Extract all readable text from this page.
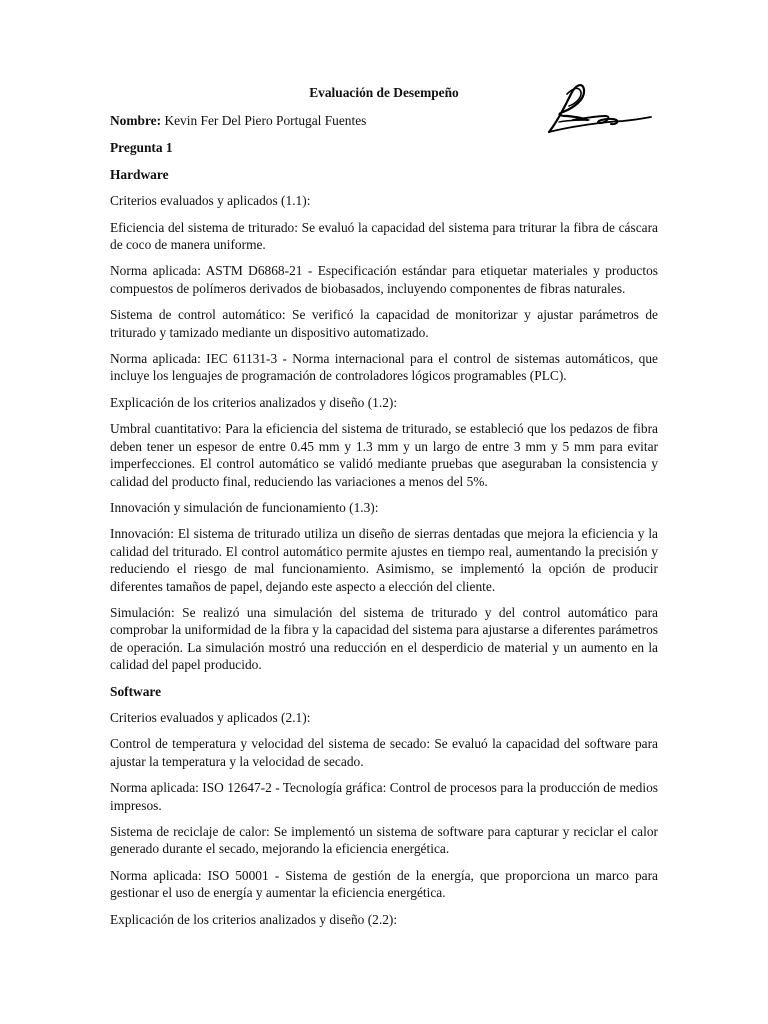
Evaluación de Desempeño
Nombre: Kevin Fer Del Piero Portugal Fuentes
Pregunta 1
Hardware

Criterios evaluados y aplicados (1.1):

Eficiencia del sistema de triturado: Se evaluó la capacidad del sistema para triturar la fibra de cáscara de coco de manera uniforme.

Norma aplicada: ASTM D6868-21 - Especificación estándar para etiquetar materiales y productos compuestos de polímeros derivados de biobasados, incluyendo componentes de fibras naturales.

Sistema de control automático: Se verificó la capacidad de monitorizar y ajustar parámetros de triturado y tamizado mediante un dispositivo automatizado.

Norma aplicada: IEC 61131-3 - Norma internacional para el control de sistemas automáticos, que incluye los lenguajes de programación de controladores lógicos programables (PLC).

Explicación de los criterios analizados y diseño (1.2):

Umbral cuantitativo: Para la eficiencia del sistema de triturado, se estableció que los pedazos de fibra deben tener un espesor de entre 0.45 mm y 1.3 mm y un largo de entre 3 mm y 5 mm para evitar imperfecciones. El control automático se validó mediante pruebas que aseguraban la consistencia y calidad del producto final, reduciendo las variaciones a menos del 5%.

Innovación y simulación de funcionamiento (1.3):

Innovación: El sistema de triturado utiliza un diseño de sierras dentadas que mejora la eficiencia y la calidad del triturado. El control automático permite ajustes en tiempo real, aumentando la precisión y reduciendo el riesgo de mal funcionamiento. Asimismo, se implementó la opción de producir diferentes tamaños de papel, dejando este aspecto a elección del cliente.

Simulación: Se realizó una simulación del sistema de triturado y del control automático para comprobar la uniformidad de la fibra y la capacidad del sistema para ajustarse a diferentes parámetros de operación. La simulación mostró una reducción en el desperdicio de material y un aumento en la calidad del papel producido.

Software

Criterios evaluados y aplicados (2.1):

Control de temperatura y velocidad del sistema de secado: Se evaluó la capacidad del software para ajustar la temperatura y la velocidad de secado.

Norma aplicada: ISO 12647-2 - Tecnología gráfica: Control de procesos para la producción de medios impresos.

Sistema de reciclaje de calor: Se implementó un sistema de software para capturar y reciclar el calor generado durante el secado, mejorando la eficiencia energética.

Norma aplicada: ISO 50001 - Sistema de gestión de la energía, que proporciona un marco para gestionar el uso de energía y aumentar la eficiencia energética.

Explicación de los criterios analizados y diseño (2.2):
